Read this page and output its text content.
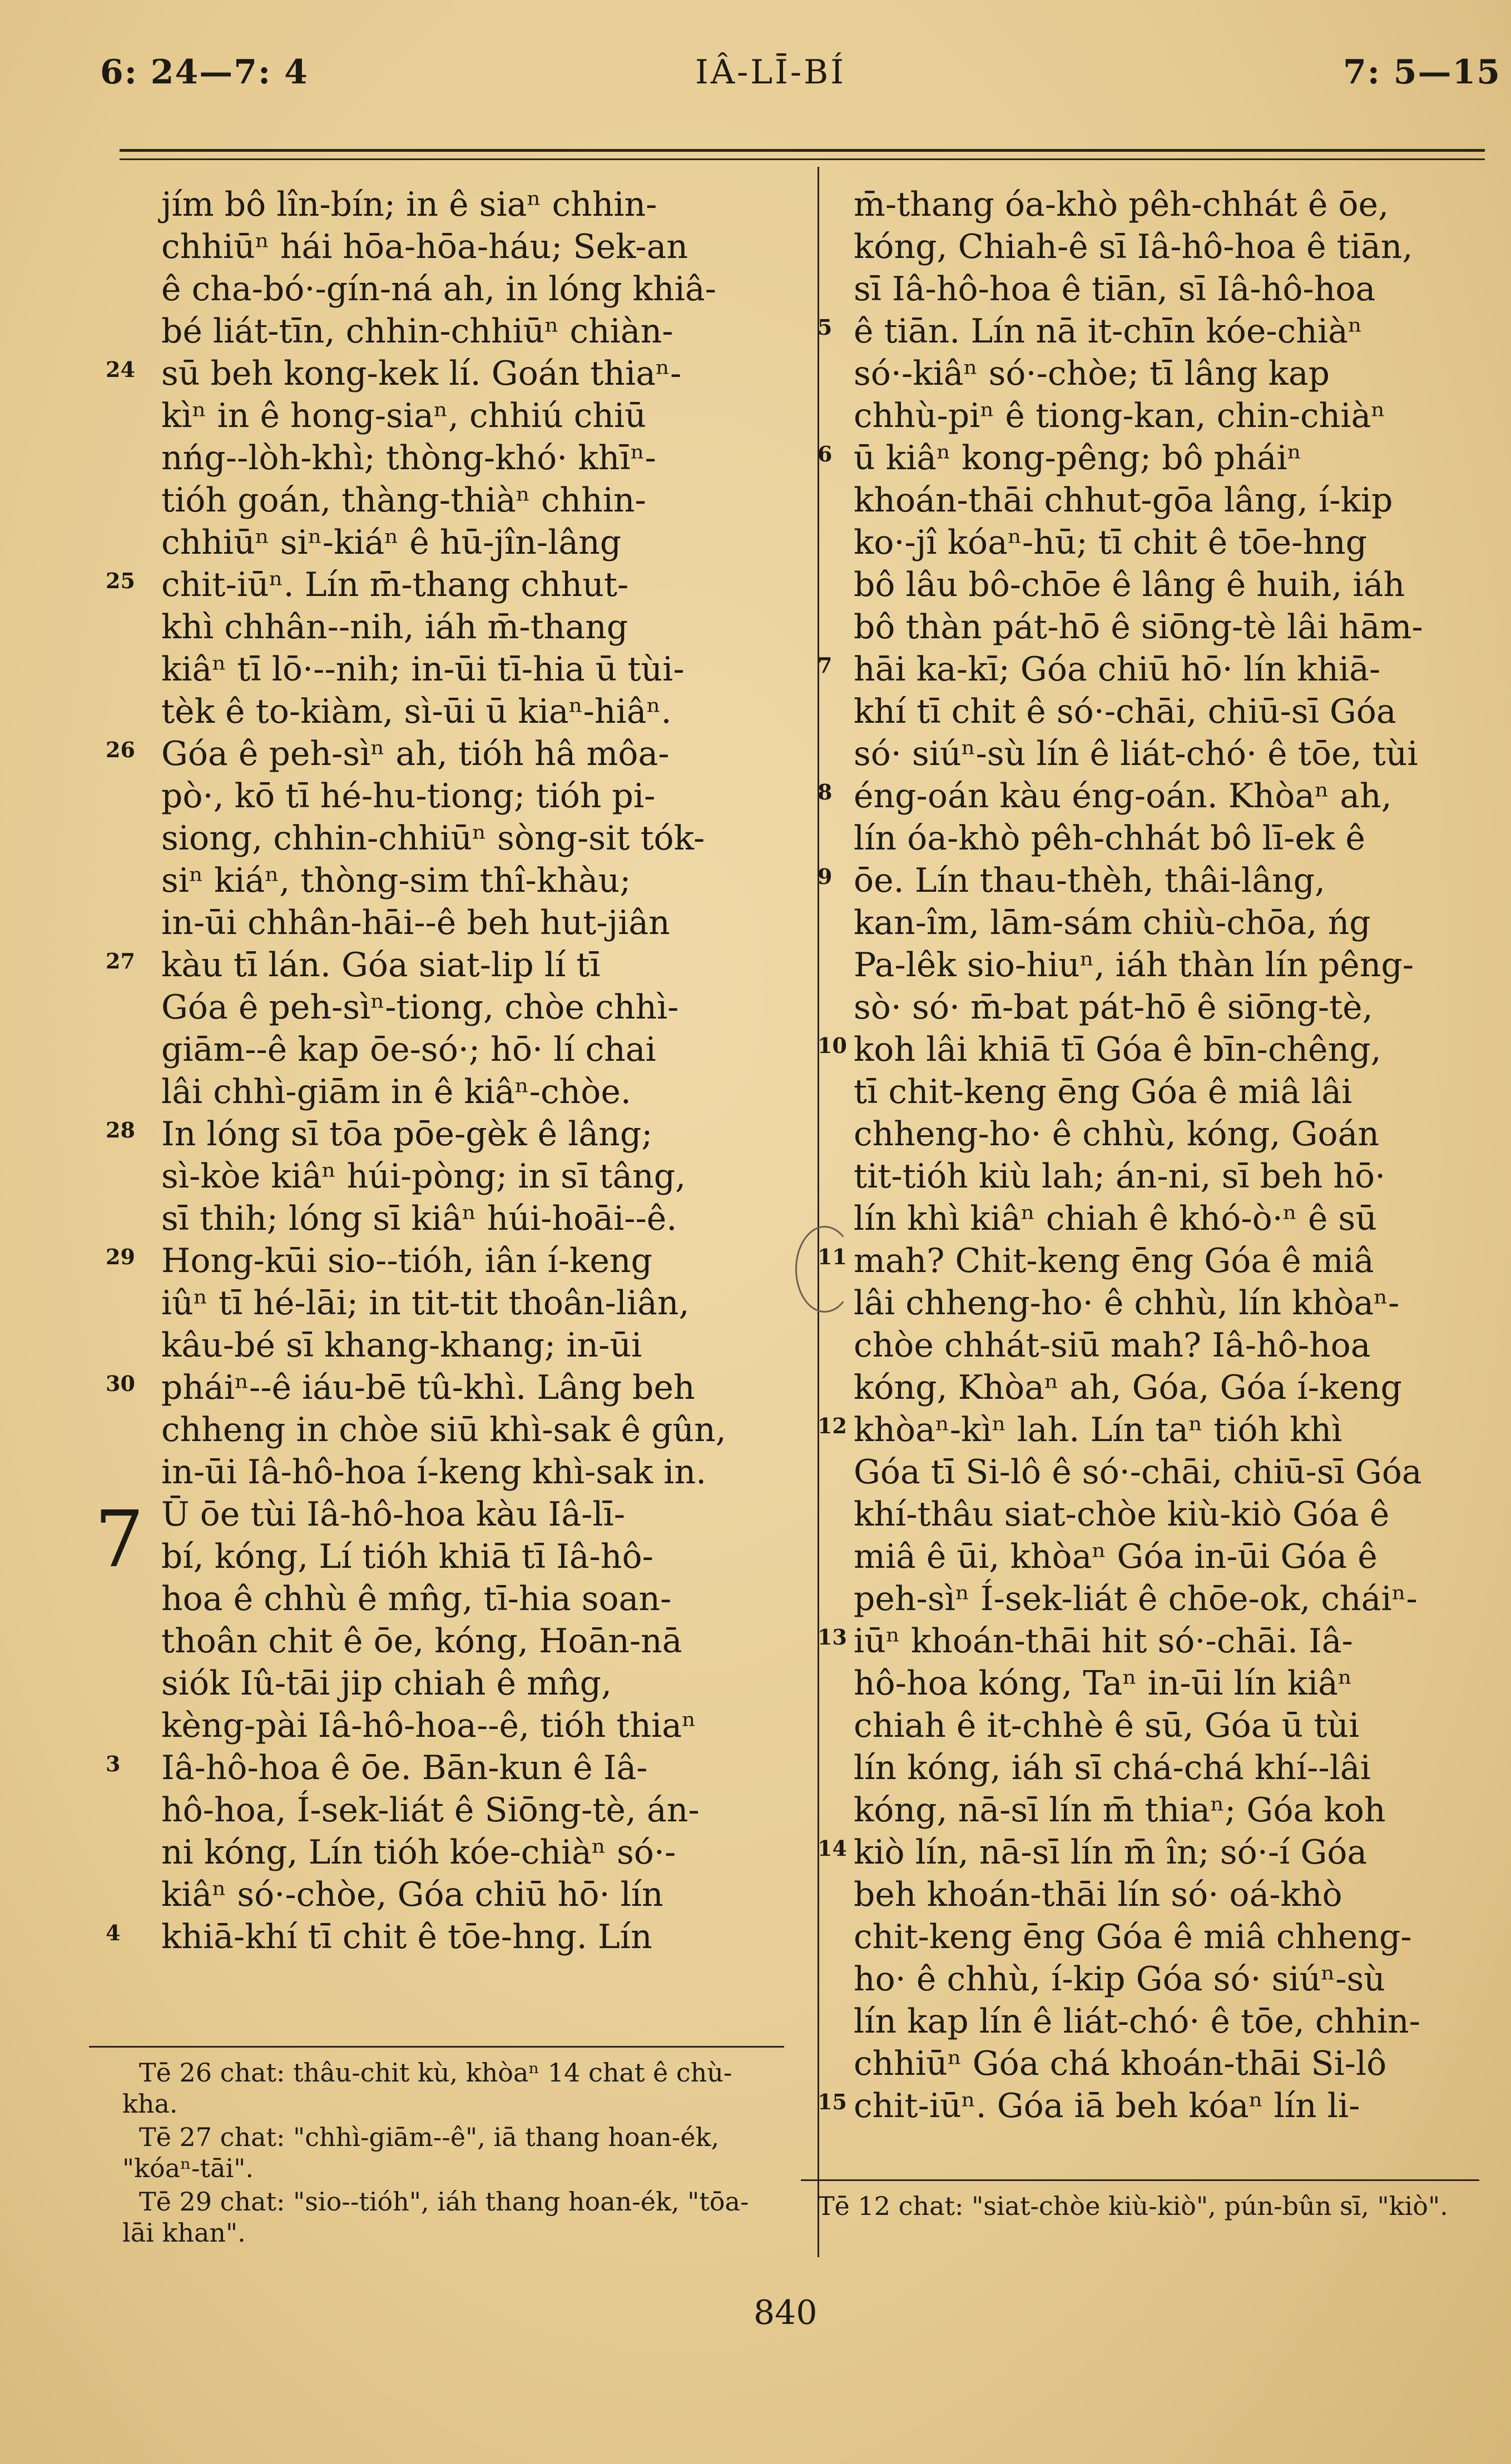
6: 24—7: 4	IÂ-LĪ-BÍ	7: 5—15
jím bô lîn-bín; in ê siaⁿ chhin-
chhiūⁿ hái hōa-hōa-háu; Sek-an
ê cha-bó·-gín-ná ah, in lóng khiâ-
bé liát-tīn, chhin-chhiūⁿ chiàn-
sū beh kong-kek lí. Goán thiaⁿ-
kìⁿ in ê hong-siaⁿ, chhiú chiū
nńg--lòh-khì; thòng-khó· khīⁿ-
tióh goán, thàng-thiàⁿ chhin-
chhiūⁿ siⁿ-kiáⁿ ê hū-jîn-lâng
chit-iūⁿ. Lín m̄-thang chhut-
khì chhân--nih, iáh m̄-thang
kiâⁿ tī lō·--nih; in-ūi tī-hia ū tùi-
tèk ê to-kiàm, sì-ūi ū kiaⁿ-hiâⁿ.
Góa ê peh-sìⁿ ah, tióh hâ môa-
pò·, kō tī hé-hu-tiong; tióh pi-
siong, chhin-chhiūⁿ sòng-sit tók-
siⁿ kiáⁿ, thòng-sim thî-khàu;
in-ūi chhân-hāi--ê beh hut-jiân
kàu tī lán. Góa siat-lip lí tī
Góa ê peh-sìⁿ-tiong, chòe chhì-
giām--ê kap ōe-só·; hō· lí chai
lâi chhì-giām in ê kiâⁿ-chòe.
In lóng sī tōa pōe-gèk ê lâng;
sì-kòe kiâⁿ húi-pòng; in sī tâng,
sī thih; lóng sī kiâⁿ húi-hoāi--ê.
Hong-kūi sio--tióh, iân í-keng
iûⁿ tī hé-lāi; in tit-tit thoân-liân,
kâu-bé sī khang-khang; in-ūi
pháiⁿ--ê iáu-bē tû-khì. Lâng beh
chheng in chòe siū khì-sak ê gûn,
in-ūi Iâ-hô-hoa í-keng khì-sak in.
Ū ōe tùi Iâ-hô-hoa kàu Iâ-lī-
bí, kóng, Lí tióh khiā tī Iâ-hô-
hoa ê chhù ê mn̂g, tī-hia soan-
thoân chit ê ōe, kóng, Hoān-nā
siók Iû-tāi jip chiah ê mn̂g,
kèng-pài Iâ-hô-hoa--ê, tióh thiaⁿ
Iâ-hô-hoa ê ōe. Bān-kun ê Iâ-
hô-hoa, Í-sek-liát ê Siōng-tè, án-
ni kóng, Lín tióh kóe-chiàⁿ só·-
kiâⁿ só·-chòe, Góa chiū hō· lín
khiā-khí tī chit ê tōe-hng. Lín
24
25
26
27
28
29
30
3
4
7
m̄-thang óa-khò pêh-chhát ê ōe,
kóng, Chiah-ê sī Iâ-hô-hoa ê tiān,
sī Iâ-hô-hoa ê tiān, sī Iâ-hô-hoa
ê tiān. Lín nā it-chīn kóe-chiàⁿ
só·-kiâⁿ só·-chòe; tī lâng kap
chhù-piⁿ ê tiong-kan, chin-chiàⁿ
ū kiâⁿ kong-pêng; bô pháiⁿ
khoán-thāi chhut-gōa lâng, í-kip
ko·-jî kóaⁿ-hū; tī chit ê tōe-hng
bô lâu bô-chōe ê lâng ê huih, iáh
bô thàn pát-hō ê siōng-tè lâi hām-
hāi ka-kī; Góa chiū hō· lín khiā-
khí tī chit ê só·-chāi, chiū-sī Góa
só· siúⁿ-sù lín ê liát-chó· ê tōe, tùi
éng-oán kàu éng-oán. Khòaⁿ ah,
lín óa-khò pêh-chhát bô lī-ek ê
ōe. Lín thau-thèh, thâi-lâng,
kan-îm, lām-sám chiù-chōa, ńg
Pa-lêk sio-hiuⁿ, iáh thàn lín pêng-
sò· só· m̄-bat pát-hō ê siōng-tè,
koh lâi khiā tī Góa ê bīn-chêng,
tī chit-keng ēng Góa ê miâ lâi
chheng-ho· ê chhù, kóng, Goán
tit-tióh kiù lah; án-ni, sī beh hō·
lín khì kiâⁿ chiah ê khó-ò·ⁿ ê sū
mah? Chit-keng ēng Góa ê miâ
lâi chheng-ho· ê chhù, lín khòaⁿ-
chòe chhát-siū mah? Iâ-hô-hoa
kóng, Khòaⁿ ah, Góa, Góa í-keng
khòaⁿ-kìⁿ lah. Lín taⁿ tióh khì
Góa tī Si-lô ê só·-chāi, chiū-sī Góa
khí-thâu siat-chòe kiù-kiò Góa ê
miâ ê ūi, khòaⁿ Góa in-ūi Góa ê
peh-sìⁿ Í-sek-liát ê chōe-ok, cháiⁿ-
iūⁿ khoán-thāi hit só·-chāi. Iâ-
hô-hoa kóng, Taⁿ in-ūi lín kiâⁿ
chiah ê it-chhè ê sū, Góa ū tùi
lín kóng, iáh sī chá-chá khí--lâi
kóng, nā-sī lín m̄ thiaⁿ; Góa koh
kiò lín, nā-sī lín m̄ în; só·-í Góa
beh khoán-thāi lín só· oá-khò
chit-keng ēng Góa ê miâ chheng-
ho· ê chhù, í-kip Góa só· siúⁿ-sù
lín kap lín ê liát-chó· ê tōe, chhin-
chhiūⁿ Góa chá khoán-thāi Si-lô
chit-iūⁿ. Góa iā beh kóaⁿ lín li-
5
6
7
8
9
10
11
12
13
14
15

Tē 26 chat: thâu-chit kù, khòaⁿ 14 chat ê chù-kha.

Tē 27 chat: "chhì-giām--ê", iā thang hoan-ék, "kóaⁿ-tāi".

Tē 29 chat: "sio--tióh", iáh thang hoan-ék, "tōa-lāi khan".

Tē 12 chat: "siat-chòe kiù-kiò", pún-bûn sī, "kiò".

840
